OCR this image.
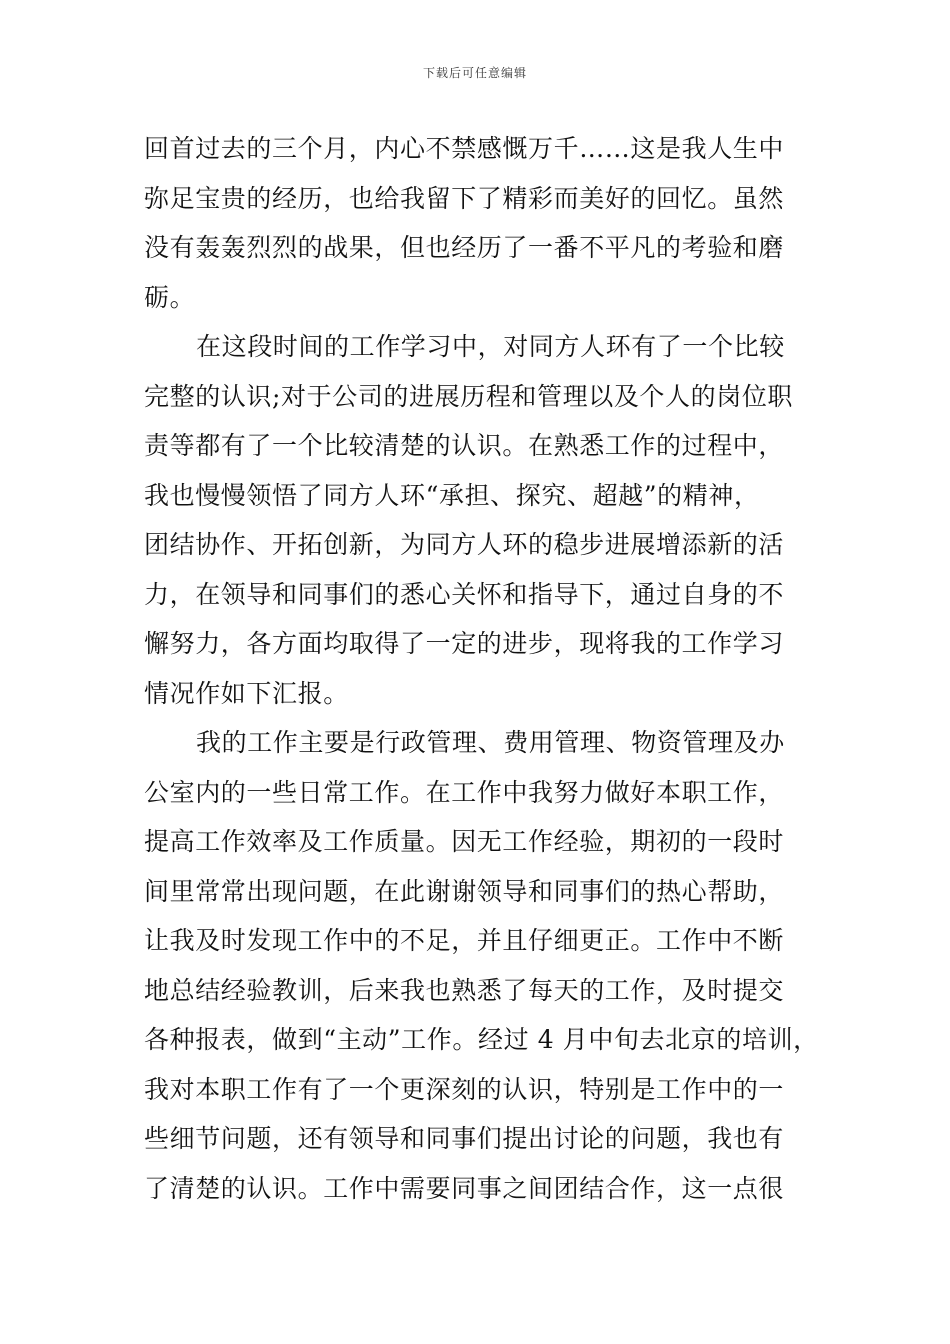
下载后可任意编辑
回首过去的三个月，内心不禁感慨万千……这是我人生中
弥足宝贵的经历，也给我留下了精彩而美好的回忆。虽然
没有轰轰烈烈的战果，但也经历了一番不平凡的考验和磨
砺。
在这段时间的工作学习中，对同方人环有了一个比较
完整的认识;对于公司的进展历程和管理以及个人的岗位职
责等都有了一个比较清楚的认识。在熟悉工作的过程中，
我也慢慢领悟了同方人环“承担、探究、超越”的精神，
团结协作、开拓创新，为同方人环的稳步进展增添新的活
力，在领导和同事们的悉心关怀和指导下，通过自身的不
懈努力，各方面均取得了一定的进步，现将我的工作学习
情况作如下汇报。
我的工作主要是行政管理、费用管理、物资管理及办
公室内的一些日常工作。在工作中我努力做好本职工作，
提高工作效率及工作质量。因无工作经验，期初的一段时
间里常常出现问题，在此谢谢领导和同事们的热心帮助，
让我及时发现工作中的不足，并且仔细更正。工作中不断
地总结经验教训，后来我也熟悉了每天的工作，及时提交
各种报表，做到“主动”工作。经过 4 月中旬去北京的培训，
我对本职工作有了一个更深刻的认识，特别是工作中的一
些细节问题，还有领导和同事们提出讨论的问题，我也有
了清楚的认识。工作中需要同事之间团结合作，这一点很
